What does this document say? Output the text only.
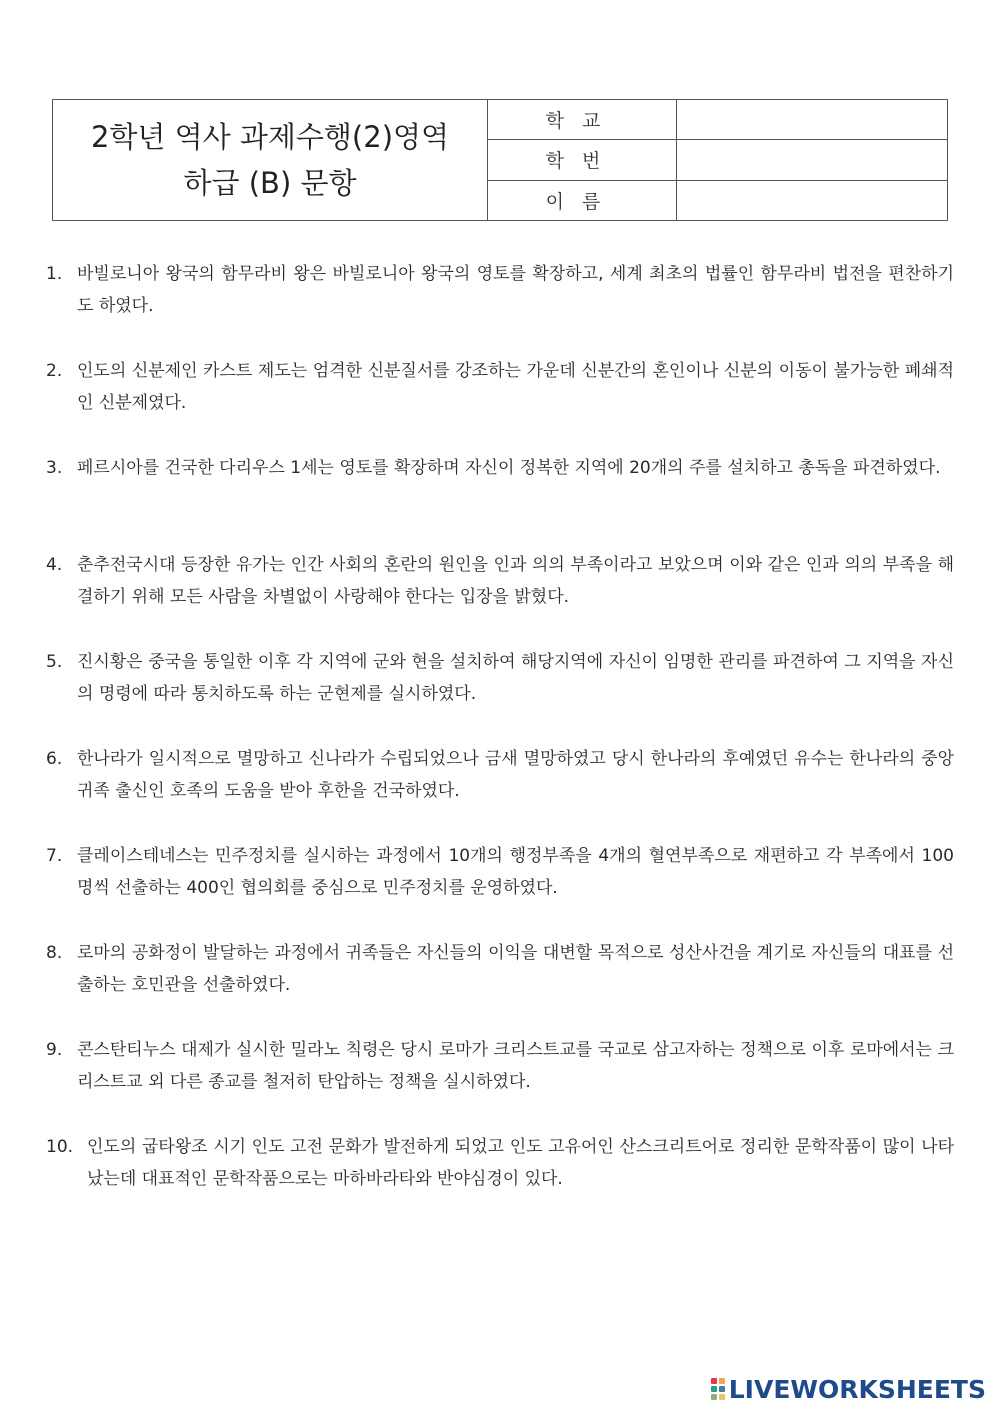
2학년 역사 과제수행(2)영역
하급 (B) 문항	학교	
	학번	
	이름	
1. 바빌로니아 왕국의 함무라비 왕은 바빌로니아 왕국의 영토를 확장하고, 세계 최초의 법률인 함무라비 법전을 편찬하기도 하였다.
2. 인도의 신분제인 카스트 제도는 엄격한 신분질서를 강조하는 가운데 신분간의 혼인이나 신분의 이동이 불가능한 폐쇄적인 신분제였다.
3. 페르시아를 건국한 다리우스 1세는 영토를 확장하며 자신이 정복한 지역에 20개의 주를 설치하고 총독을 파견하였다.
4. 춘추전국시대 등장한 유가는 인간 사회의 혼란의 원인을 인과 의의 부족이라고 보았으며 이와 같은 인과 의의 부족을 해결하기 위해 모든 사람을 차별없이 사랑해야 한다는 입장을 밝혔다.
5. 진시황은 중국을 통일한 이후 각 지역에 군와 현을 설치하여 해당지역에 자신이 임명한 관리를 파견하여 그 지역을 자신의 명령에 따라 통치하도록 하는 군현제를 실시하였다.
6. 한나라가 일시적으로 멸망하고 신나라가 수립되었으나 금새 멸망하였고 당시 한나라의 후예였던 유수는 한나라의 중앙귀족 출신인 호족의 도움을 받아 후한을 건국하였다.
7. 클레이스테네스는 민주정치를 실시하는 과정에서 10개의 행정부족을 4개의 혈연부족으로 재편하고 각 부족에서 100명씩 선출하는 400인 협의회를 중심으로 민주정치를 운영하였다.
8. 로마의 공화정이 발달하는 과정에서 귀족들은 자신들의 이익을 대변할 목적으로 성산사건을 계기로 자신들의 대표를 선출하는 호민관을 선출하였다.
9. 콘스탄티누스 대제가 실시한 밀라노 칙령은 당시 로마가 크리스트교를 국교로 삼고자하는 정책으로 이후 로마에서는 크리스트교 외 다른 종교를 철저히 탄압하는 정책을 실시하였다.
10. 인도의 굽타왕조 시기 인도 고전 문화가 발전하게 되었고 인도 고유어인 산스크리트어로 정리한 문학작품이 많이 나타났는데 대표적인 문학작품으로는 마하바라타와 반야심경이 있다.
LIVEWORKSHEETS
